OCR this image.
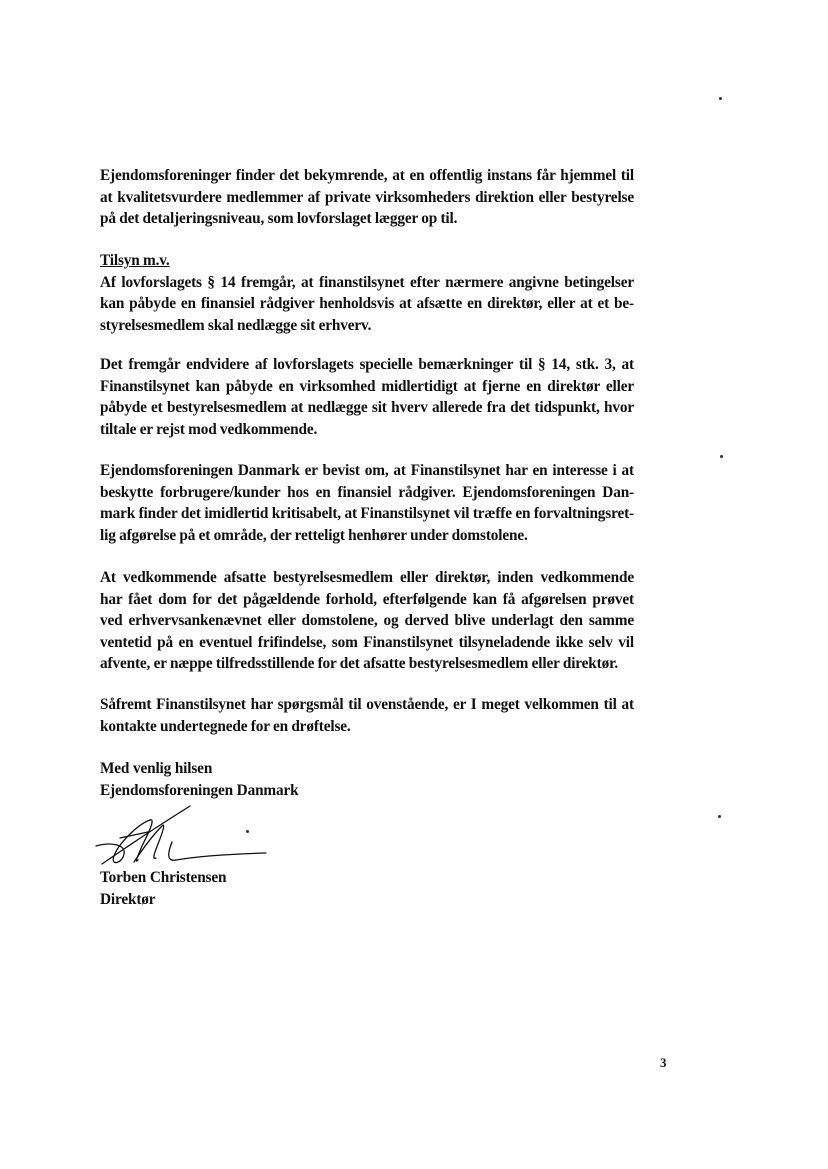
Ejendomsforeninger finder det bekymrende, at en offentlig instans får hjemmel til
at kvalitetsvurdere medlemmer af private virksomheders direktion eller bestyrelse
på det detaljeringsniveau, som lovforslaget lægger op til.
Tilsyn m.v.
Af lovforslagets § 14 fremgår, at finanstilsynet efter nærmere angivne betingelser
kan påbyde en finansiel rådgiver henholdsvis at afsætte en direktør, eller at et be-
styrelsesmedlem skal nedlægge sit erhverv.
Det fremgår endvidere af lovforslagets specielle bemærkninger til § 14, stk. 3, at
Finanstilsynet kan påbyde en virksomhed midlertidigt at fjerne en direktør eller
påbyde et bestyrelsesmedlem at nedlægge sit hverv allerede fra det tidspunkt, hvor
tiltale er rejst mod vedkommende.
Ejendomsforeningen Danmark er bevist om, at Finanstilsynet har en interesse i at
beskytte forbrugere/kunder hos en finansiel rådgiver. Ejendomsforeningen Dan-
mark finder det imidlertid kritisabelt, at Finanstilsynet vil træffe en forvaltningsret-
lig afgørelse på et område, der retteligt henhører under domstolene.
At vedkommende afsatte bestyrelsesmedlem eller direktør, inden vedkommende
har fået dom for det pågældende forhold, efterfølgende kan få afgørelsen prøvet
ved erhvervsankenævnet eller domstolene, og derved blive underlagt den samme
ventetid på en eventuel frifindelse, som Finanstilsynet tilsyneladende ikke selv vil
afvente, er næppe tilfredsstillende for det afsatte bestyrelsesmedlem eller direktør.
Såfremt Finanstilsynet har spørgsmål til ovenstående, er I meget velkommen til at
kontakte undertegnede for en drøftelse.
Med venlig hilsen
Ejendomsforeningen Danmark
Torben Christensen
Direktør
3
